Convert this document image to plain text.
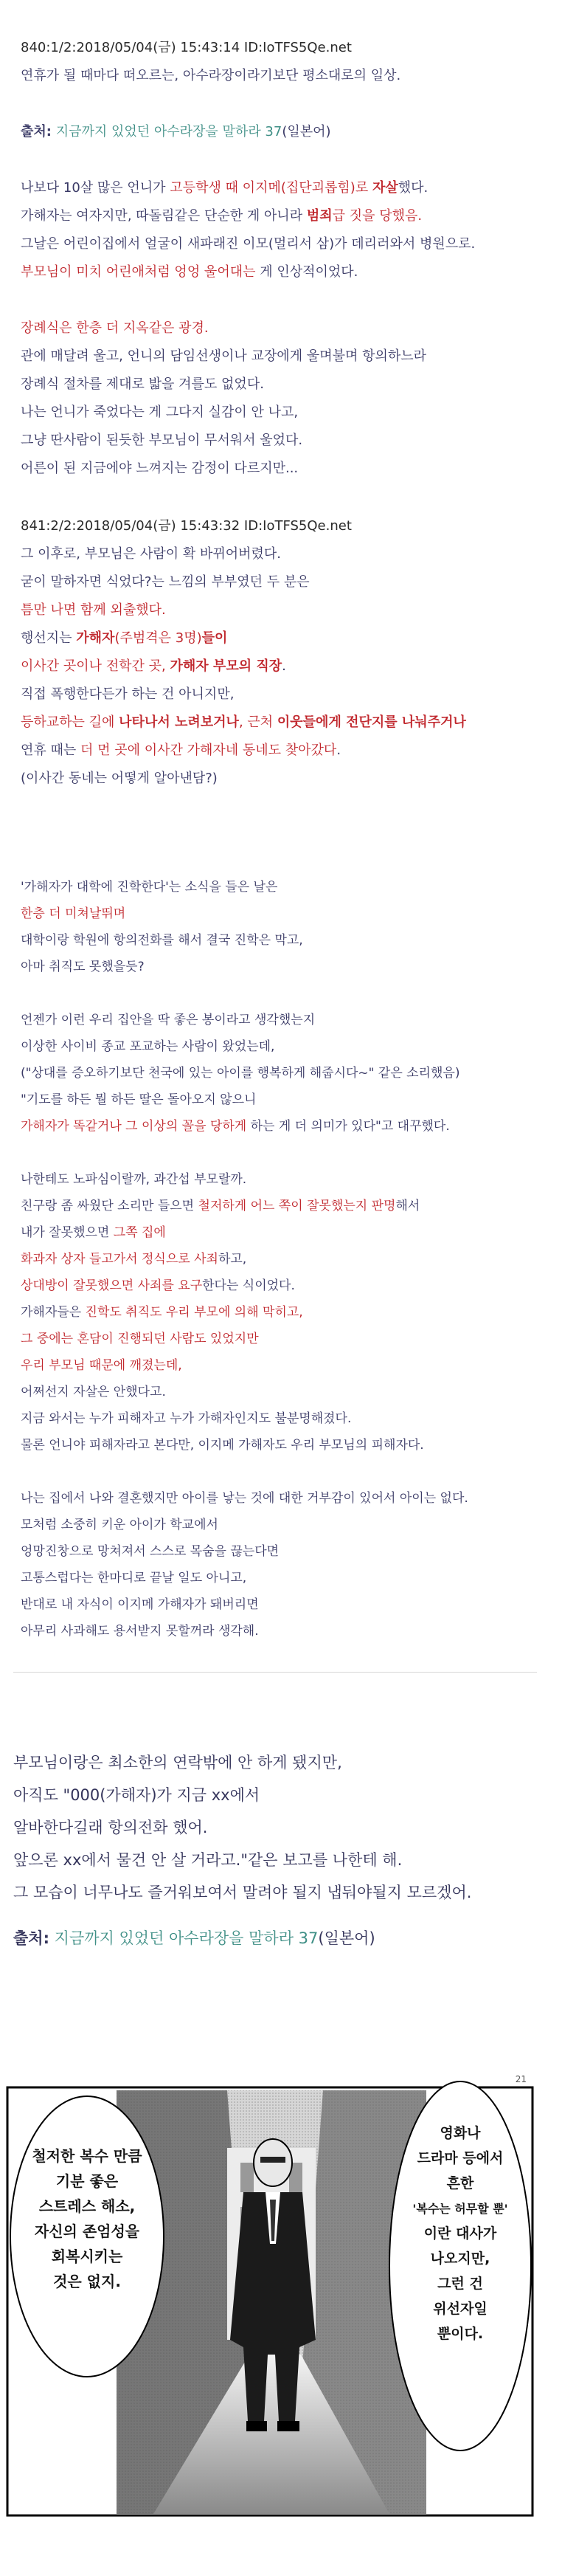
840:1/2:2018/05/04(금) 15:43:14 ID:IoTFS5Qe.net
연휴가 될 때마다 떠오르는, 아수라장이라기보단 평소대로의 일상.
출처: 지금까지 있었던 아수라장을 말하라 37(일본어)
나보다 10살 많은 언니가 고등학생 때 이지메(집단괴롭힘)로 자살했다.
가해자는 여자지만, 따돌림같은 단순한 게 아니라 범죄급 짓을 당했음.
그날은 어린이집에서 얼굴이 새파래진 이모(멀리서 삼)가 데리러와서 병원으로.
부모님이 미치 어린애처럼 엉엉 울어대는 게 인상적이었다.
장례식은 한층 더 지옥같은 광경.
관에 매달려 울고, 언니의 담임선생이나 교장에게 울며불며 항의하느라
장례식 절차를 제대로 밟을 겨를도 없었다.
나는 언니가 죽었다는 게 그다지 실감이 안 나고,
그냥 딴사람이 된듯한 부모님이 무서워서 울었다.
어른이 된 지금에야 느껴지는 감정이 다르지만...
841:2/2:2018/05/04(금) 15:43:32 ID:IoTFS5Qe.net
그 이후로, 부모님은 사람이 확 바뀌어버렸다.
굳이 말하자면 식었다?는 느낌의 부부였던 두 분은
틈만 나면 함께 외출했다.
행선지는 가해자(주범격은 3명)들이
이사간 곳이나 전학간 곳, 가해자 부모의 직장.
직접 폭행한다든가 하는 건 아니지만,
등하교하는 길에 나타나서 노려보거나, 근처 이웃들에게 전단지를 나눠주거나
연휴 때는 더 먼 곳에 이사간 가해자네 동네도 찾아갔다.
(이사간 동네는 어떻게 알아낸담?)
'가해자가 대학에 진학한다'는 소식을 들은 날은
한층 더 미쳐날뛰며
대학이랑 학원에 항의전화를 해서 결국 진학은 막고,
아마 취직도 못했을듯?
언젠가 이런 우리 집안을 딱 좋은 봉이라고 생각했는지
이상한 사이비 종교 포교하는 사람이 왔었는데,
("상대를 증오하기보단 천국에 있는 아이를 행복하게 해줍시다~" 같은 소리했음)
"기도를 하든 뭘 하든 딸은 돌아오지 않으니
가해자가 똑같거나 그 이상의 꼴을 당하게 하는 게 더 의미가 있다"고 대꾸했다.
나한테도 노파심이랄까, 과간섭 부모랄까.
친구랑 좀 싸웠단 소리만 들으면 철저하게 어느 쪽이 잘못했는지 판명해서
내가 잘못했으면 그쪽 집에
화과자 상자 들고가서 정식으로 사죄하고,
상대방이 잘못했으면 사죄를 요구한다는 식이었다.
가해자들은 진학도 취직도 우리 부모에 의해 막히고,
그 중에는 혼담이 진행되던 사람도 있었지만
우리 부모님 때문에 깨졌는데,
어쩌선지 자살은 안했다고.
지금 와서는 누가 피해자고 누가 가해자인지도 불분명해졌다.
물론 언니야 피해자라고 본다만, 이지메 가해자도 우리 부모님의 피해자다.
나는 집에서 나와 결혼했지만 아이를 낳는 것에 대한 거부감이 있어서 아이는 없다.
모처럼 소중히 키운 아이가 학교에서
엉망진창으로 망쳐져서 스스로 목숨을 끊는다면
고통스럽다는 한마디로 끝날 일도 아니고,
반대로 내 자식이 이지메 가해자가 돼버리면
아무리 사과해도 용서받지 못할꺼라 생각해.
부모님이랑은 최소한의 연락밖에 안 하게 됐지만,
아직도 "000(가해자)가 지금 xx에서
알바한다길래 항의전화 했어.
앞으론 xx에서 물건 안 살 거라고."같은 보고를 나한테 해.
그 모습이 너무나도 즐거워보여서 말려야 될지 냅둬야될지 모르겠어.
출처: 지금까지 있었던 아수라장을 말하라 37(일본어)
21
철저한 복수 만큼
기분 좋은
스트레스 해소,
자신의 존엄성을
회복시키는
것은 없지.
영화나
드라마 등에서
흔한
'복수는 허무할 뿐'
이란 대사가
나오지만,
그런 건
위선자일
뿐이다.
